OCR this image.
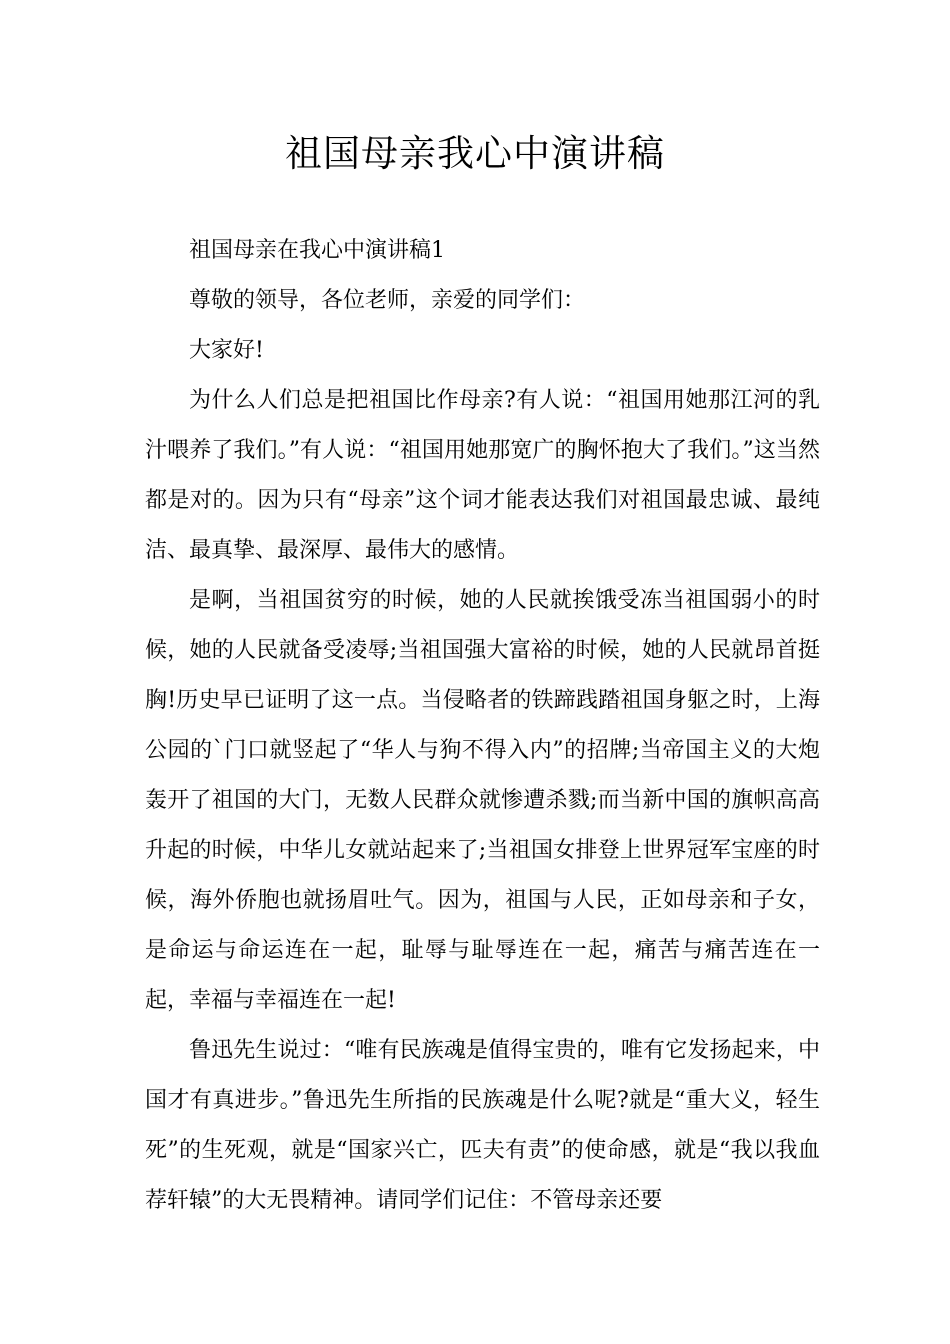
祖国母亲我心中演讲稿

祖国母亲在我心中演讲稿1

尊敬的领导，各位老师，亲爱的同学们：

大家好!

为什么人们总是把祖国比作母亲?有人说：“祖国用她那江河的乳汁喂养了我们。”有人说：“祖国用她那宽广的胸怀抱大了我们。”这当然都是对的。因为只有“母亲”这个词才能表达我们对祖国最忠诚、最纯洁、最真挚、最深厚、最伟大的感情。

是啊，当祖国贫穷的时候，她的人民就挨饿受冻当祖国弱小的时候，她的人民就备受凌辱;当祖国强大富裕的时候，她的人民就昂首挺胸!历史早已证明了这一点。当侵略者的铁蹄践踏祖国身躯之时，上海公园的`门口就竖起了“华人与狗不得入内”的招牌;当帝国主义的大炮轰开了祖国的大门，无数人民群众就惨遭杀戮;而当新中国的旗帜高高升起的时候，中华儿女就站起来了;当祖国女排登上世界冠军宝座的时候，海外侨胞也就扬眉吐气。因为，祖国与人民，正如母亲和子女，是命运与命运连在一起，耻辱与耻辱连在一起，痛苦与痛苦连在一起，幸福与幸福连在一起!

鲁迅先生说过：“唯有民族魂是值得宝贵的，唯有它发扬起来，中国才有真进步。”鲁迅先生所指的民族魂是什么呢?就是“重大义，轻生死”的生死观，就是“国家兴亡，匹夫有责”的使命感，就是“我以我血荐轩辕”的大无畏精神。请同学们记住：不管母亲还要
